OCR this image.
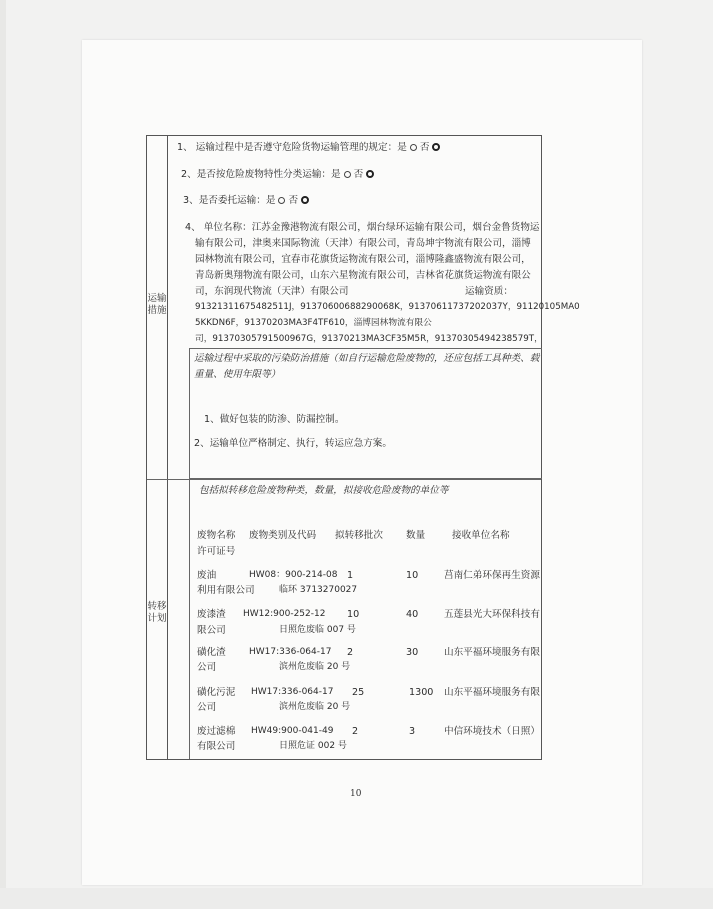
运输措施
转移计划
1、 运输过程中是否遵守危险货物运输管理的规定：是 否
2、是否按危险废物特性分类运输：是 否
3、是否委托运输：是 否
4、 单位名称：江苏金豫港物流有限公司，烟台绿环运输有限公司，烟台金鲁货物运
输有限公司，津奥来国际物流（天津）有限公司，青岛坤宇物流有限公司，淄博
园林物流有限公司，宜春市花旗货运物流有限公司，淄博隆鑫盛物流有限公司，
青岛新奥翔物流有限公司，山东六星物流有限公司，吉林省花旗货运物流有限公
司，东润现代物流（天津）有限公司	运输资质：
91321311675482511J，91370600688290068K，91370611737202037Y，91120105MA0
5KKDN6F，91370203MA3F4TF610，淄博园林物流有限公
司，91370305791500967G，91370213MA3CF35M5R，91370305494238579T，
运输过程中采取的污染防治措施（如自行运输危险废物的，还应包括工具种类、载
重量、使用年限等）
1、做好包装的防渗、防漏控制。
2、运输单位严格制定、执行，转运应急方案。
包括拟转移危险废物种类，数量，拟接收危险废物的单位等
废物名称 废物类别及代码 拟转移批次 数量	接收单位名称
许可证号
废油	HW08：900-214-08 1	10	莒南仁弟环保再生资源
利用有限公司	临环 3713270027
废漆渣 HW12:900-252-12 10	40	五莲县光大环保科技有
限公司	日照危废临 007 号
磺化渣	HW17:336-064-17 2	30	山东平福环境服务有限
公司	滨州危废临 20 号
磺化污泥 HW17:336-064-17 25	1300 山东平福环境服务有限
公司	滨州危废临 20 号
废过滤棉 HW49:900-041-49 2	3	中信环境技术（日照）
有限公司	日照危证 002 号
10
